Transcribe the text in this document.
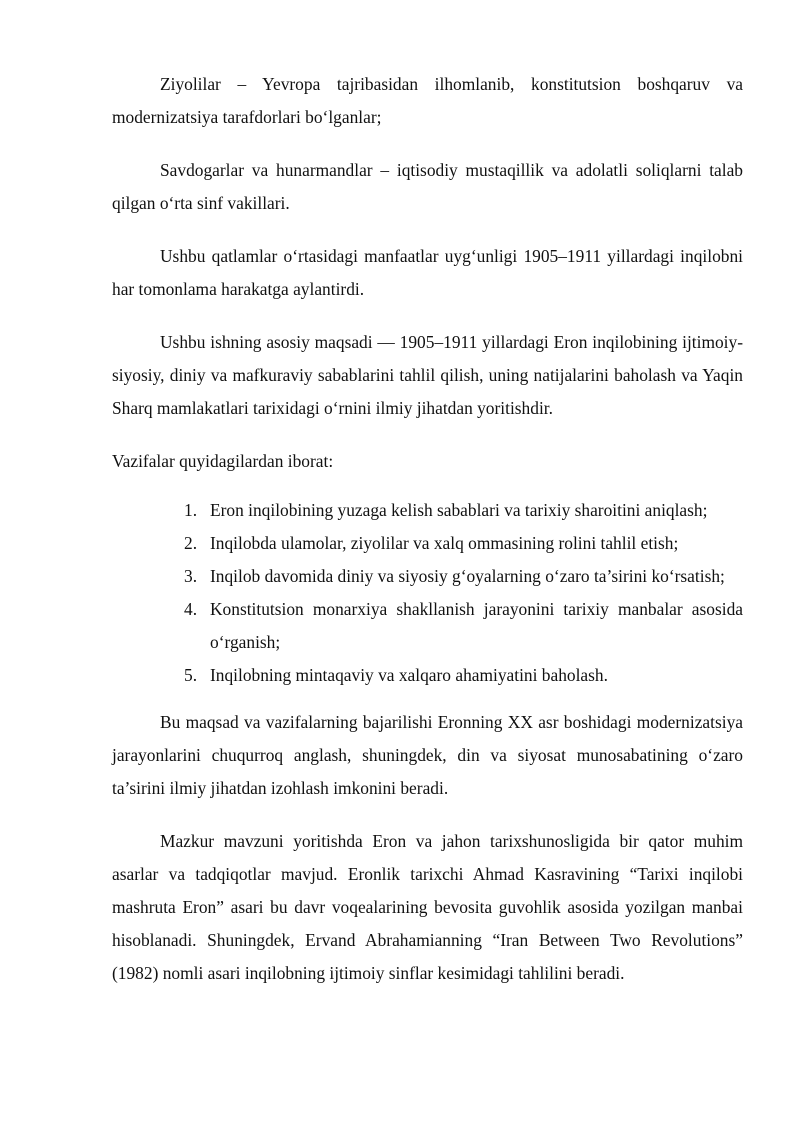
Ziyolilar – Yevropa tajribasidan ilhomlanib, konstitutsion boshqaruv va modernizatsiya tarafdorlari bo‘lganlar;

Savdogarlar va hunarmandlar – iqtisodiy mustaqillik va adolatli soliqlarni talab qilgan o‘rta sinf vakillari.

Ushbu qatlamlar o‘rtasidagi manfaatlar uyg‘unligi 1905–1911 yillardagi inqilobni har tomonlama harakatga aylantirdi.

Ushbu ishning asosiy maqsadi — 1905–1911 yillardagi Eron inqilobining ijtimoiy-siyosiy, diniy va mafkuraviy sabablarini tahlil qilish, uning natijalarini baholash va Yaqin Sharq mamlakatlari tarixidagi o‘rnini ilmiy jihatdan yoritishdir.

Vazifalar quyidagilardan iborat:

1. Eron inqilobining yuzaga kelish sabablari va tarixiy sharoitini aniqlash;
2. Inqilobda ulamolar, ziyolilar va xalq ommasining rolini tahlil etish;
3. Inqilob davomida diniy va siyosiy g‘oyalarning o‘zaro ta’sirini ko‘rsatish;
4. Konstitutsion monarxiya shakllanish jarayonini tarixiy manbalar asosida o‘rganish;
5. Inqilobning mintaqaviy va xalqaro ahamiyatini baholash.

Bu maqsad va vazifalarning bajarilishi Eronning XX asr boshidagi modernizatsiya jarayonlarini chuqurroq anglash, shuningdek, din va siyosat munosabatining o‘zaro ta’sirini ilmiy jihatdan izohlash imkonini beradi.

Mazkur mavzuni yoritishda Eron va jahon tarixshunosligida bir qator muhim asarlar va tadqiqotlar mavjud. Eronlik tarixchi Ahmad Kasravining “Tarixi inqilobi mashruta Eron” asari bu davr voqealarining bevosita guvohlik asosida yozilgan manbai hisoblanadi. Shuningdek, Ervand Abrahamianning “Iran Between Two Revolutions” (1982) nomli asari inqilobning ijtimoiy sinflar kesimidagi tahlilini beradi.
